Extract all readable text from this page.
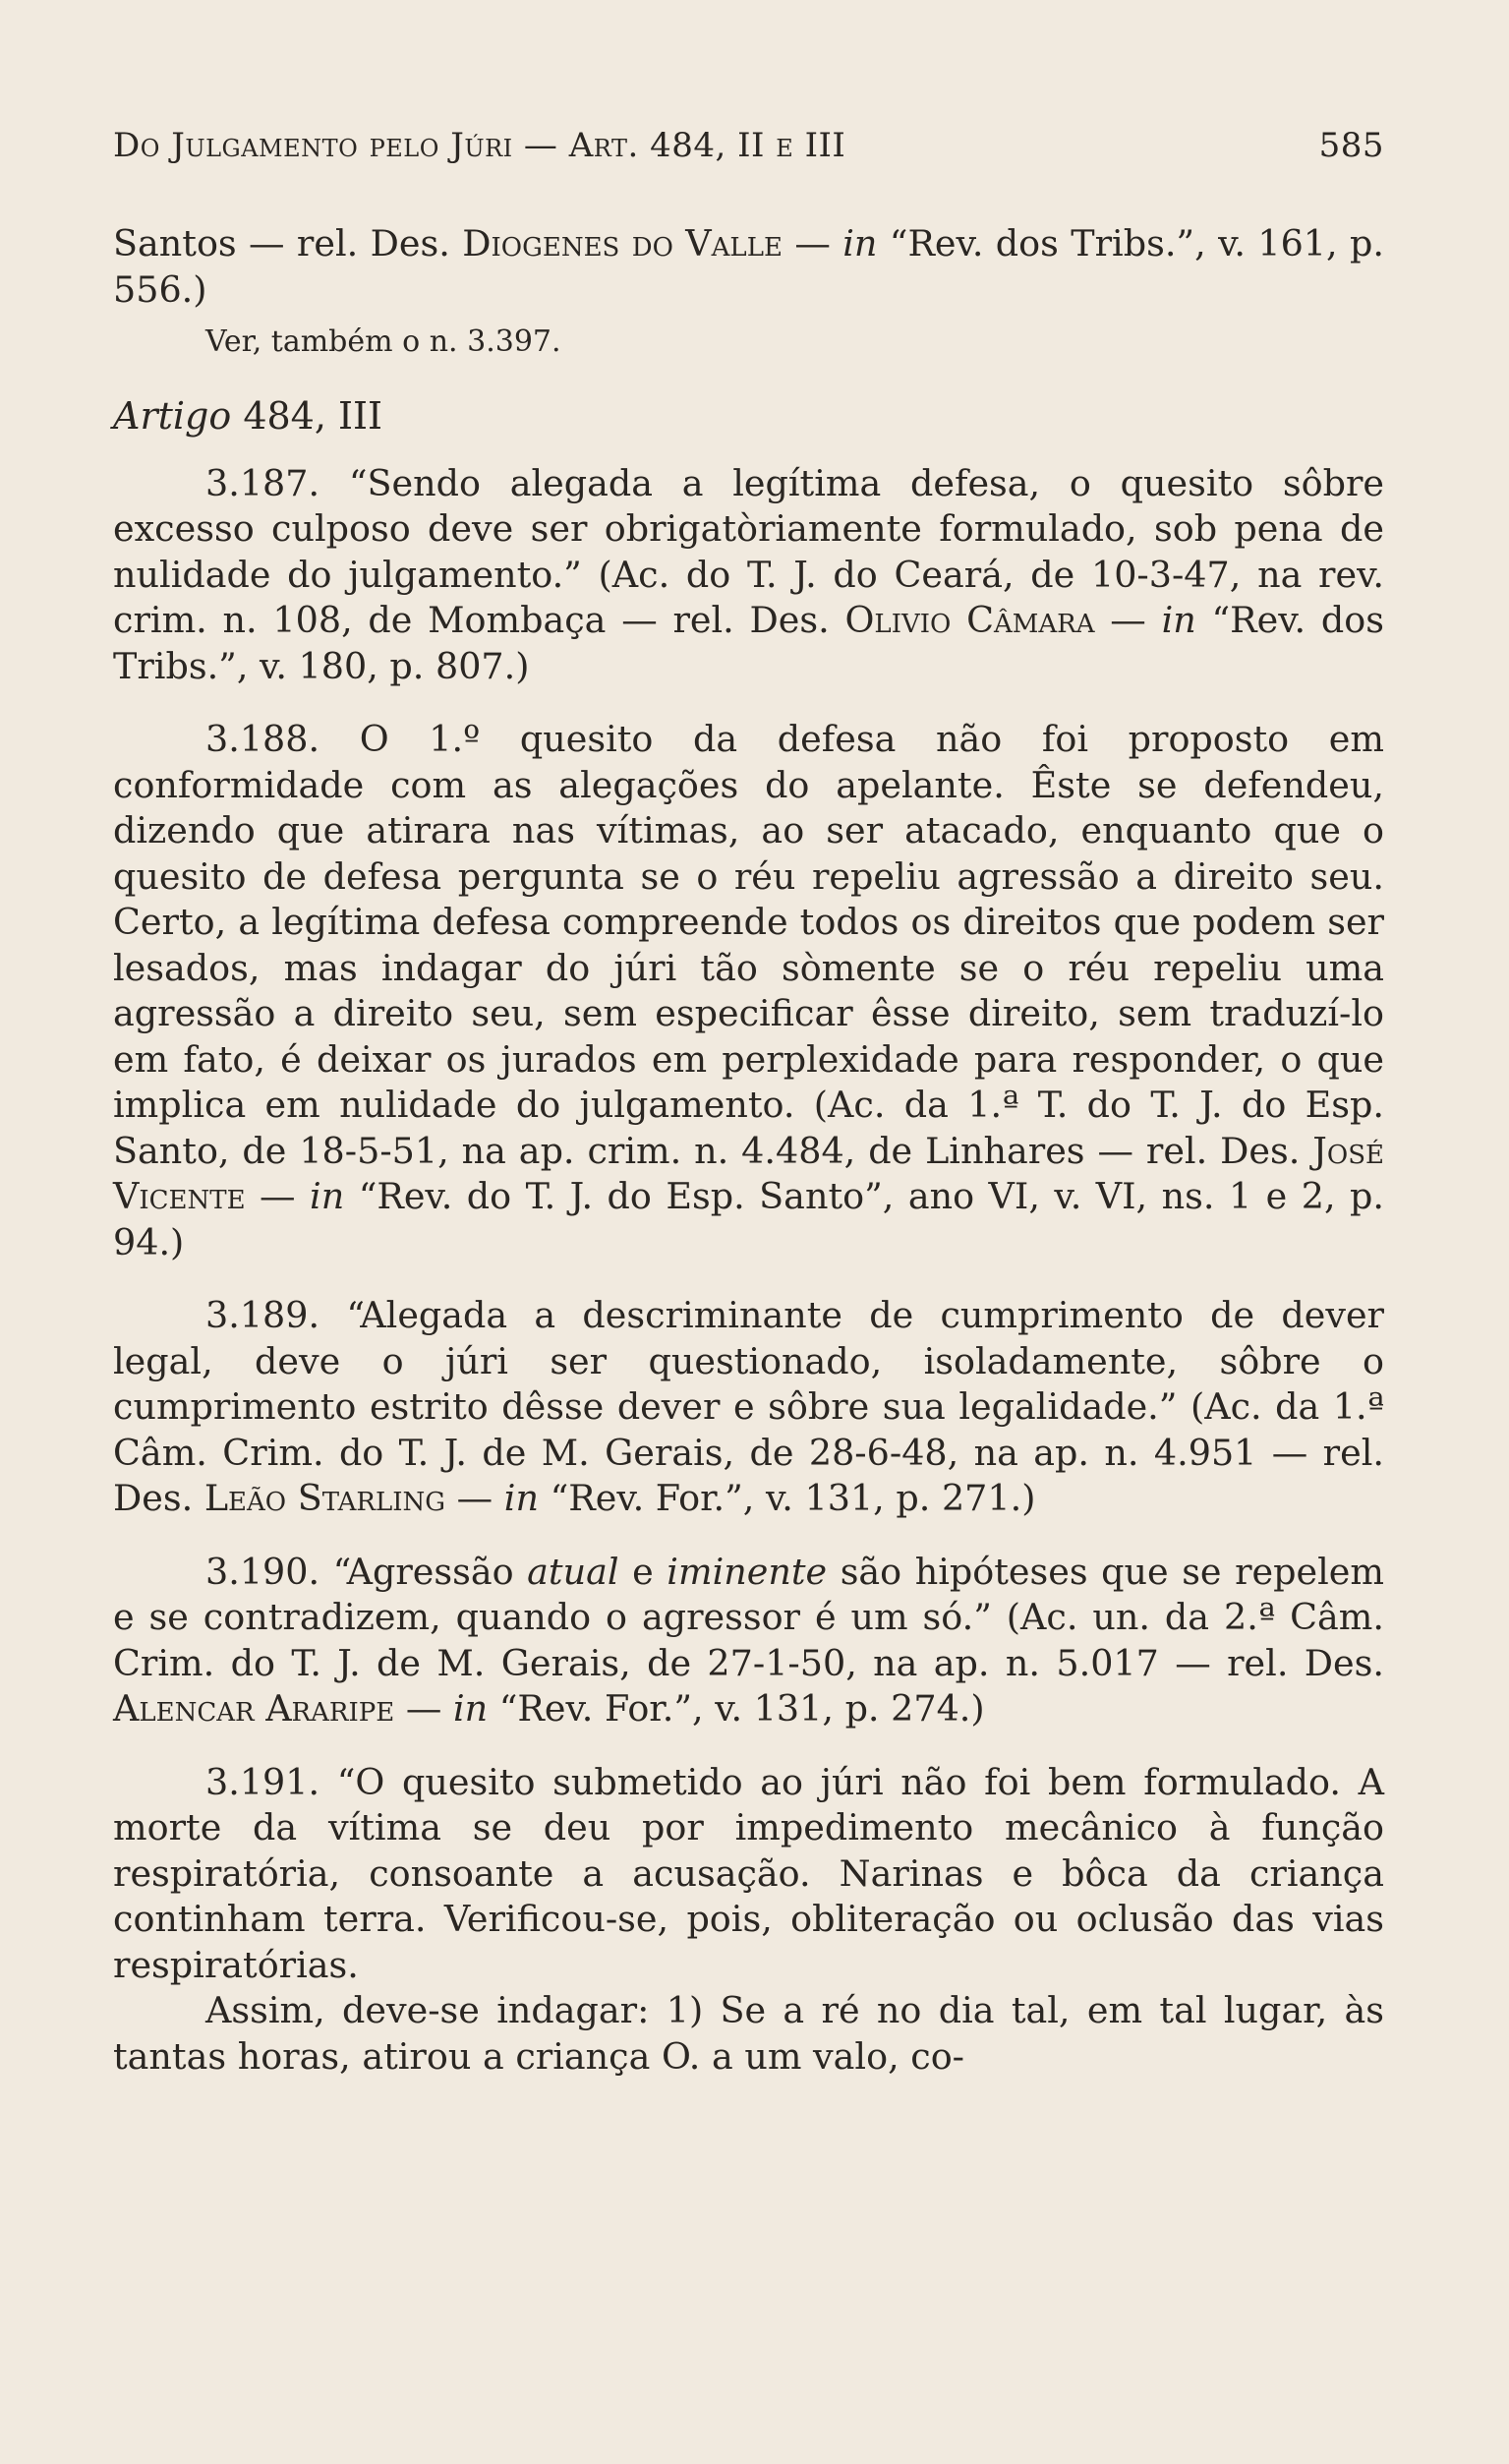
Do Julgamento pelo Júri — Art. 484, II e III	585

Santos — rel. Des. Diogenes do Valle — in “Rev. dos Tribs.”, v. 161, p. 556.)

Ver, também o n. 3.397.

Artigo 484, III

3.187. “Sendo alegada a legítima defesa, o quesito sôbre excesso culposo deve ser obrigatòriamente formulado, sob pena de nulidade do julgamento.” (Ac. do T. J. do Ceará, de 10-3-47, na rev. crim. n. 108, de Mombaça — rel. Des. Olivio Câmara — in “Rev. dos Tribs.”, v. 180, p. 807.)

3.188. O 1.º quesito da defesa não foi proposto em conformidade com as alegações do apelante. Êste se defendeu, dizendo que atirara nas vítimas, ao ser atacado, enquanto que o quesito de defesa pergunta se o réu repeliu agressão a direito seu. Certo, a legítima defesa compreende todos os direitos que podem ser lesados, mas indagar do júri tão sòmente se o réu repeliu uma agressão a direito seu, sem especificar êsse direito, sem traduzí-lo em fato, é deixar os jurados em perplexidade para responder, o que implica em nulidade do julgamento. (Ac. da 1.ª T. do T. J. do Esp. Santo, de 18-5-51, na ap. crim. n. 4.484, de Linhares — rel. Des. José Vicente — in “Rev. do T. J. do Esp. Santo”, ano VI, v. VI, ns. 1 e 2, p. 94.)

3.189. “Alegada a descriminante de cumprimento de dever legal, deve o júri ser questionado, isoladamente, sôbre o cumprimento estrito dêsse dever e sôbre sua legalidade.” (Ac. da 1.ª Câm. Crim. do T. J. de M. Gerais, de 28-6-48, na ap. n. 4.951 — rel. Des. Leão Starling — in “Rev. For.”, v. 131, p. 271.)

3.190. “Agressão atual e iminente são hipóteses que se repelem e se contradizem, quando o agressor é um só.” (Ac. un. da 2.ª Câm. Crim. do T. J. de M. Gerais, de 27-1-50, na ap. n. 5.017 — rel. Des. Alencar Araripe — in “Rev. For.”, v. 131, p. 274.)

3.191. “O quesito submetido ao júri não foi bem formulado. A morte da vítima se deu por impedimento mecânico à função respiratória, consoante a acusação. Narinas e bôca da criança continham terra. Verificou-se, pois, obliteração ou oclusão das vias respiratórias.

Assim, deve-se indagar: 1) Se a ré no dia tal, em tal lugar, às tantas horas, atirou a criança O. a um valo, co-
